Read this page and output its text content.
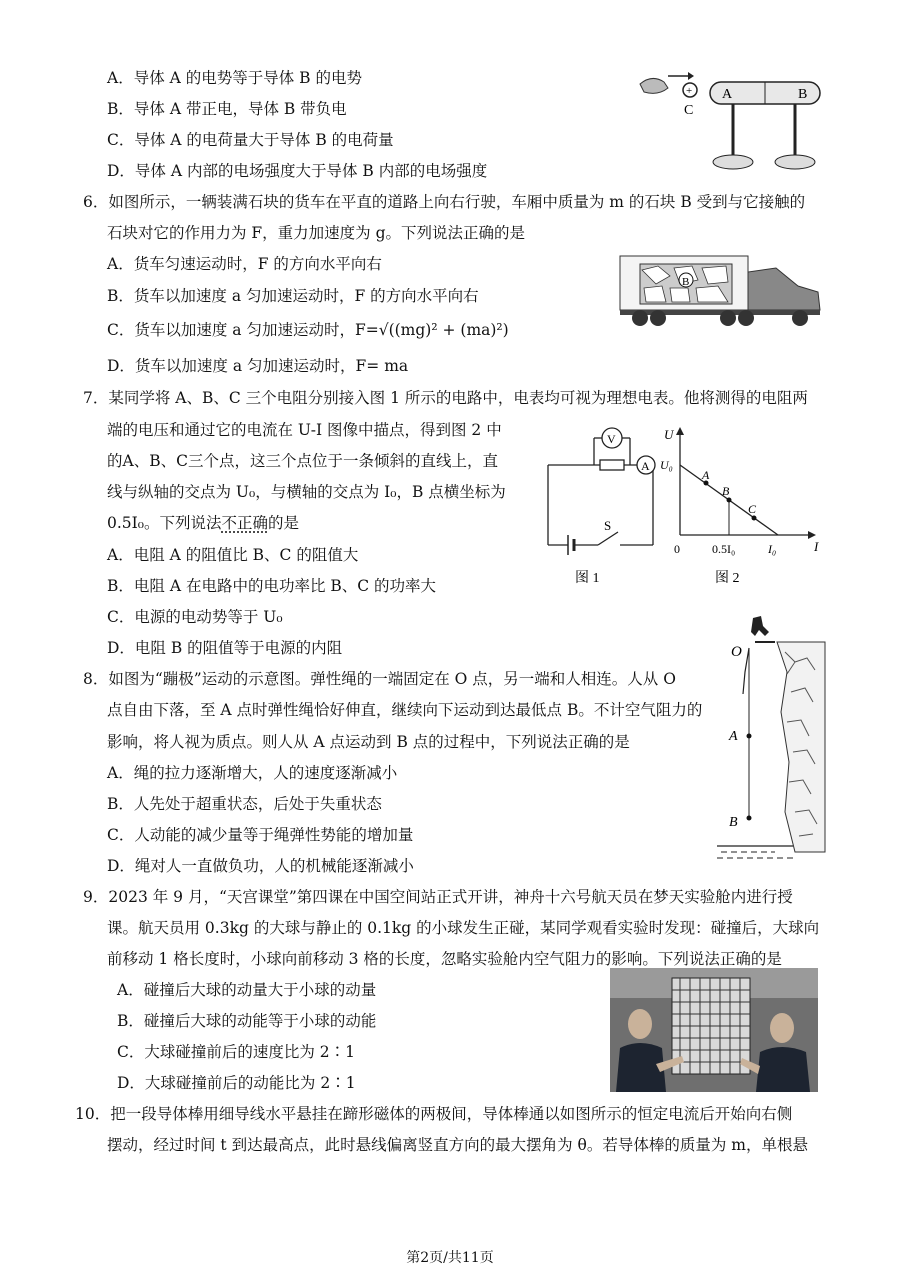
A．导体 A 的电势等于导体 B 的电势
B．导体 A 带正电，导体 B 带负电
C．导体 A 的电荷量大于导体 B 的电荷量
D．导体 A 内部的电场强度大于导体 B 内部的电场强度
+
C
A	B
6．如图所示，一辆装满石块的货车在平直的道路上向右行驶，车厢中质量为 m 的石块 B 受到与它接触的
石块对它的作用力为 F，重力加速度为 g。下列说法正确的是
A．货车匀速运动时，F 的方向水平向右
B．货车以加速度 a 匀加速运动时，F 的方向水平向右
C．货车以加速度 a 匀加速运动时，F=√((mg)² + (ma)²)
D．货车以加速度 a 匀加速运动时，F= ma
B
7．某同学将 A、B、C 三个电阻分别接入图 1 所示的电路中，电表均可视为理想电表。他将测得的电阻两
端的电压和通过它的电流在 U-I 图像中描点，得到图 2 中
的A、B、C三个点，这三个点位于一条倾斜的直线上，直
线与纵轴的交点为 U₀，与横轴的交点为 I₀，B 点横坐标为
0.5I₀。下列说法不正确的是
A．电阻 A 的阻值比 B、C 的阻值大
B．电阻 A 在电路中的电功率比 B、C 的功率大
C．电源的电动势等于 U₀
D．电阻 B 的阻值等于电源的内阻
S
V
A
图 1
U
I
U₀
0	0.5I₀	I₀
A
B
C
图 2
8．如图为“蹦极”运动的示意图。弹性绳的一端固定在 O 点，另一端和人相连。人从 O
点自由下落，至 A 点时弹性绳恰好伸直，继续向下运动到达最低点 B。不计空气阻力的
影响，将人视为质点。则人从 A 点运动到 B 点的过程中，下列说法正确的是
A．绳的拉力逐渐增大，人的速度逐渐减小
B．人先处于超重状态，后处于失重状态
C．人动能的减少量等于绳弹性势能的增加量
D．绳对人一直做负功，人的机械能逐渐减小
O
A
B
9．2023 年 9 月，“天宫课堂”第四课在中国空间站正式开讲，神舟十六号航天员在梦天实验舱内进行授
课。航天员用 0.3kg 的大球与静止的 0.1kg 的小球发生正碰，某同学观看实验时发现：碰撞后，大球向
前移动 1 格长度时，小球向前移动 3 格的长度，忽略实验舱内空气阻力的影响。下列说法正确的是
A．碰撞后大球的动量大于小球的动量
B．碰撞后大球的动能等于小球的动能
C．大球碰撞前后的速度比为 2∶1
D．大球碰撞前后的动能比为 2∶1
10．把一段导体棒用细导线水平悬挂在蹄形磁体的两极间，导体棒通以如图所示的恒定电流后开始向右侧
摆动，经过时间 t 到达最高点，此时悬线偏离竖直方向的最大摆角为 θ。若导体棒的质量为 m，单根悬
第2页/共11页
